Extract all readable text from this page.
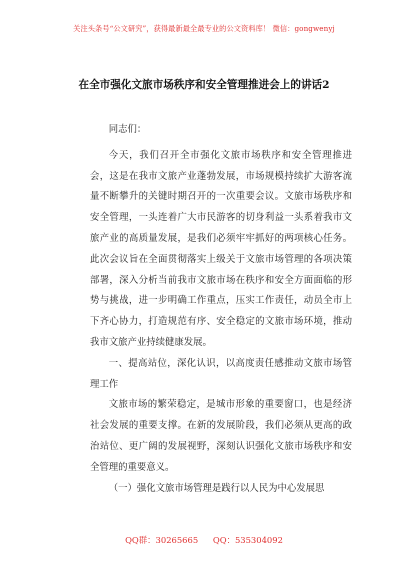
关注头条号“公文研究”，获得最新最全最专业的公文资料库！ 微信：gongwenyj
在全市强化文旅市场秩序和安全管理推进会上的讲话2

同志们：

今天，我们召开全市强化文旅市场秩序和安全管理推进会，这是在我市文旅产业蓬勃发展，市场规模持续扩大游客流量不断攀升的关键时期召开的一次重要会议。文旅市场秩序和安全管理，一头连着广大市民游客的切身利益一头系着我市文旅产业的高质量发展，是我们必须牢牢抓好的两项核心任务。此次会议旨在全面贯彻落实上级关于文旅市场管理的各项决策部署，深入分析当前我市文旅市场在秩序和安全方面面临的形势与挑战，进一步明确工作重点，压实工作责任，动员全市上下齐心协力，打造规范有序、安全稳定的文旅市场环境，推动我市文旅产业持续健康发展。

一、提高站位，深化认识，以高度责任感推动文旅市场管理工作

文旅市场的繁荣稳定，是城市形象的重要窗口，也是经济社会发展的重要支撑。在新的发展阶段，我们必须从更高的政治站位、更广阔的发展视野，深刻认识强化文旅市场秩序和安全管理的重要意义。

（一）强化文旅市场管理是践行以人民为中心发展思

QQ群：30265665 QQ：535304092
